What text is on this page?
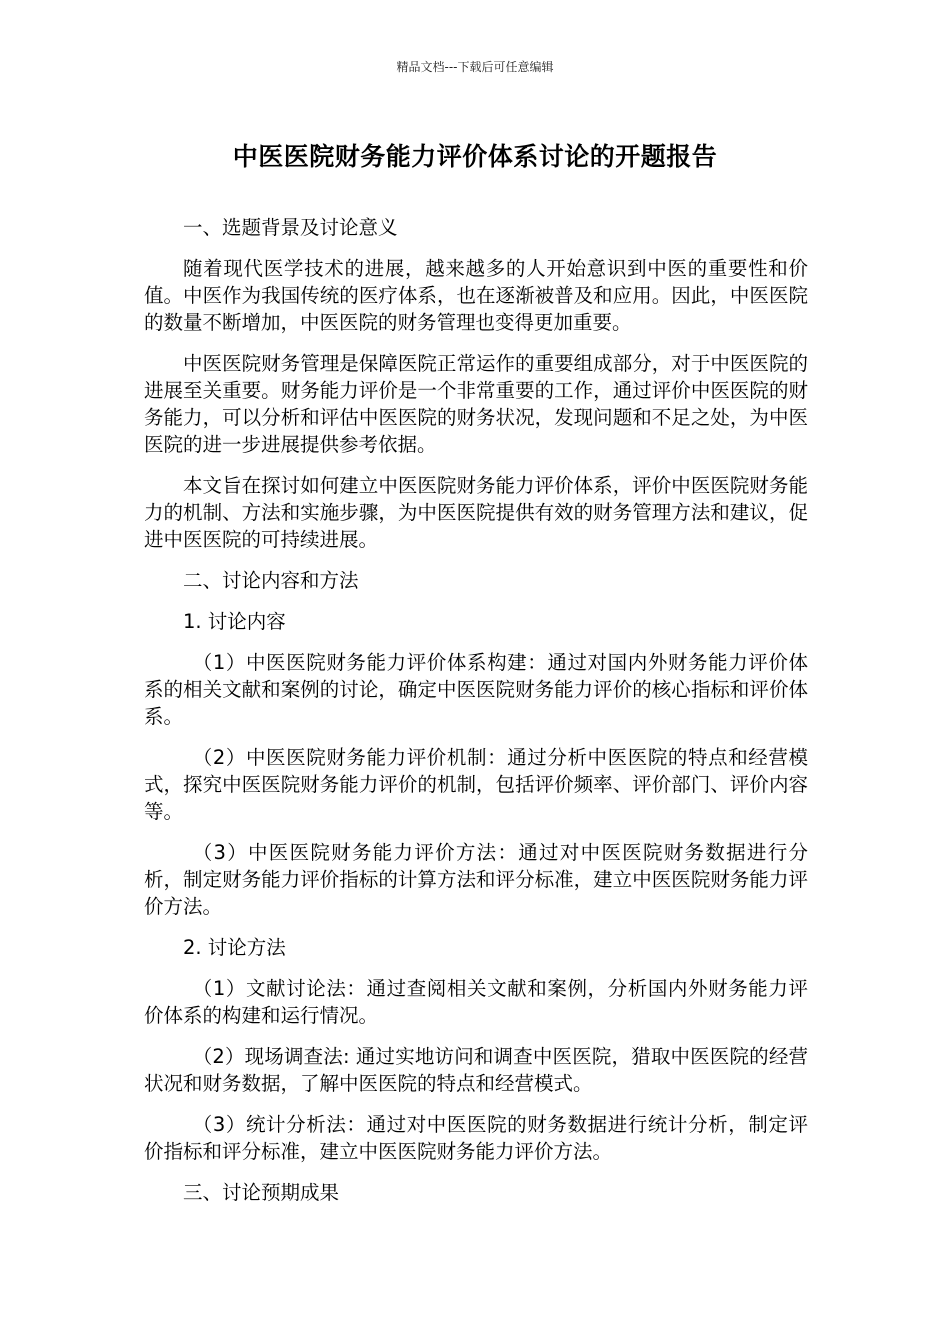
精品文档---下载后可任意编辑
中医医院财务能力评价体系讨论的开题报告

一、选题背景及讨论意义

随着现代医学技术的进展，越来越多的人开始意识到中医的重要性和价值。中医作为我国传统的医疗体系，也在逐渐被普及和应用。因此，中医医院的数量不断增加，中医医院的财务管理也变得更加重要。

中医医院财务管理是保障医院正常运作的重要组成部分，对于中医医院的进展至关重要。财务能力评价是一个非常重要的工作，通过评价中医医院的财务能力，可以分析和评估中医医院的财务状况，发现问题和不足之处，为中医医院的进一步进展提供参考依据。

本文旨在探讨如何建立中医医院财务能力评价体系，评价中医医院财务能力的机制、方法和实施步骤，为中医医院提供有效的财务管理方法和建议，促进中医医院的可持续进展。

二、讨论内容和方法

1. 讨论内容

（1）中医医院财务能力评价体系构建：通过对国内外财务能力评价体系的相关文献和案例的讨论，确定中医医院财务能力评价的核心指标和评价体系。

（2）中医医院财务能力评价机制：通过分析中医医院的特点和经营模式，探究中医医院财务能力评价的机制，包括评价频率、评价部门、评价内容等。

（3）中医医院财务能力评价方法：通过对中医医院财务数据进行分析，制定财务能力评价指标的计算方法和评分标准，建立中医医院财务能力评价方法。

2. 讨论方法

（1）文献讨论法：通过查阅相关文献和案例，分析国内外财务能力评价体系的构建和运行情况。

（2）现场调查法: 通过实地访问和调查中医医院，猎取中医医院的经营状况和财务数据，了解中医医院的特点和经营模式。

（3）统计分析法：通过对中医医院的财务数据进行统计分析，制定评价指标和评分标准，建立中医医院财务能力评价方法。

三、讨论预期成果
